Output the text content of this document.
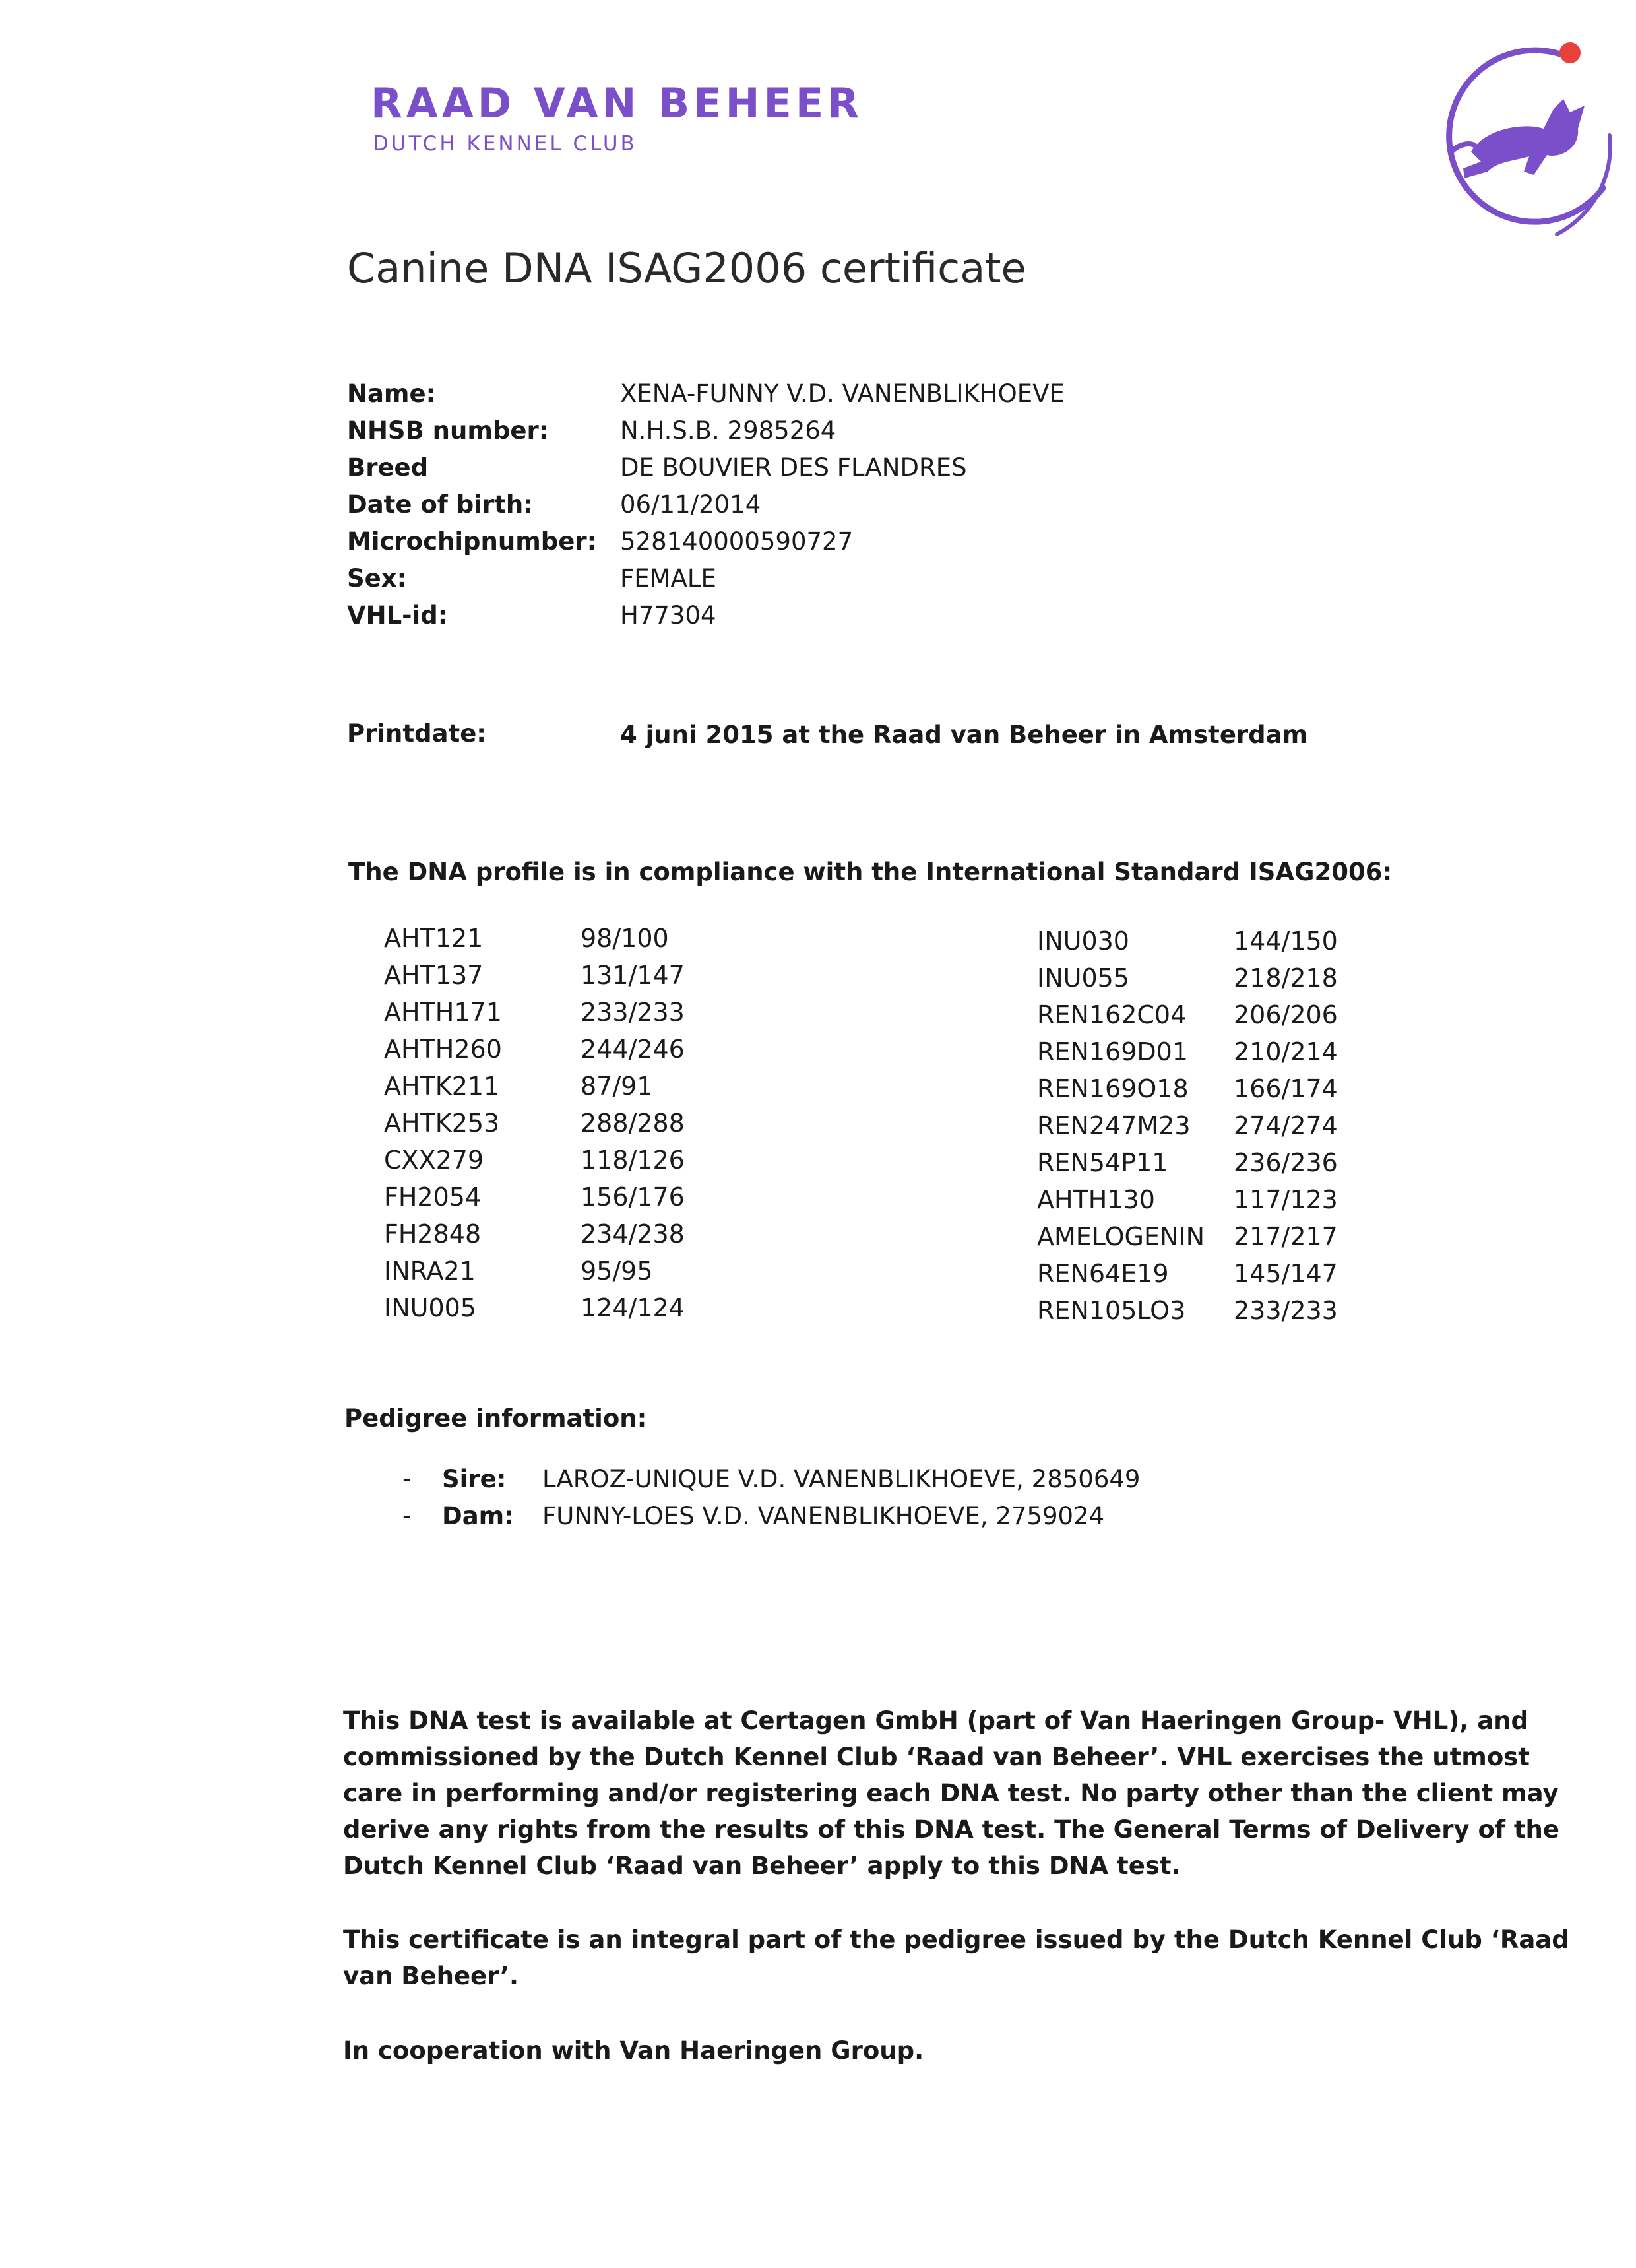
RAAD VAN BEHEER
DUTCH KENNEL CLUB
Canine DNA ISAG2006 certificate
Name:	XENA-FUNNY V.D. VANENBLIKHOEVE
NHSB number:	N.H.S.B. 2985264
Breed	DE BOUVIER DES FLANDRES
Date of birth:	06/11/2014
Microchipnumber: 528140000590727
Sex:	FEMALE
VHL-id:	H77304
Printdate:	4 juni 2015 at the Raad van Beheer in Amsterdam
The DNA profile is in compliance with the International Standard ISAG2006:
AHT121	98/100
AHT137	131/147
AHTH171	233/233
AHTH260	244/246
AHTK211	87/91
AHTK253	288/288
CXX279	118/126
FH2054	156/176
FH2848	234/238
INRA21	95/95
INU005	124/124
INU030	144/150
INU055	218/218
REN162C04 206/206
REN169D01 210/214
REN169O18 166/174
REN247M23 274/274
REN54P11	236/236
AHTH130	117/123
AMELOGENIN 217/217
REN64E19	145/147
REN105LO3 233/233
Pedigree information:
- Sire: LAROZ-UNIQUE V.D. VANENBLIKHOEVE, 2850649
- Dam: FUNNY-LOES V.D. VANENBLIKHOEVE, 2759024

This DNA test is available at Certagen GmbH (part of Van Haeringen Group- VHL), and commissioned by the Dutch Kennel Club ‘Raad van Beheer’. VHL exercises the utmost care in performing and/or registering each DNA test. No party other than the client may derive any rights from the results of this DNA test. The General Terms of Delivery of the Dutch Kennel Club ‘Raad van Beheer’ apply to this DNA test.

This certificate is an integral part of the pedigree issued by the Dutch Kennel Club ‘Raad van Beheer’.

In cooperation with Van Haeringen Group.
